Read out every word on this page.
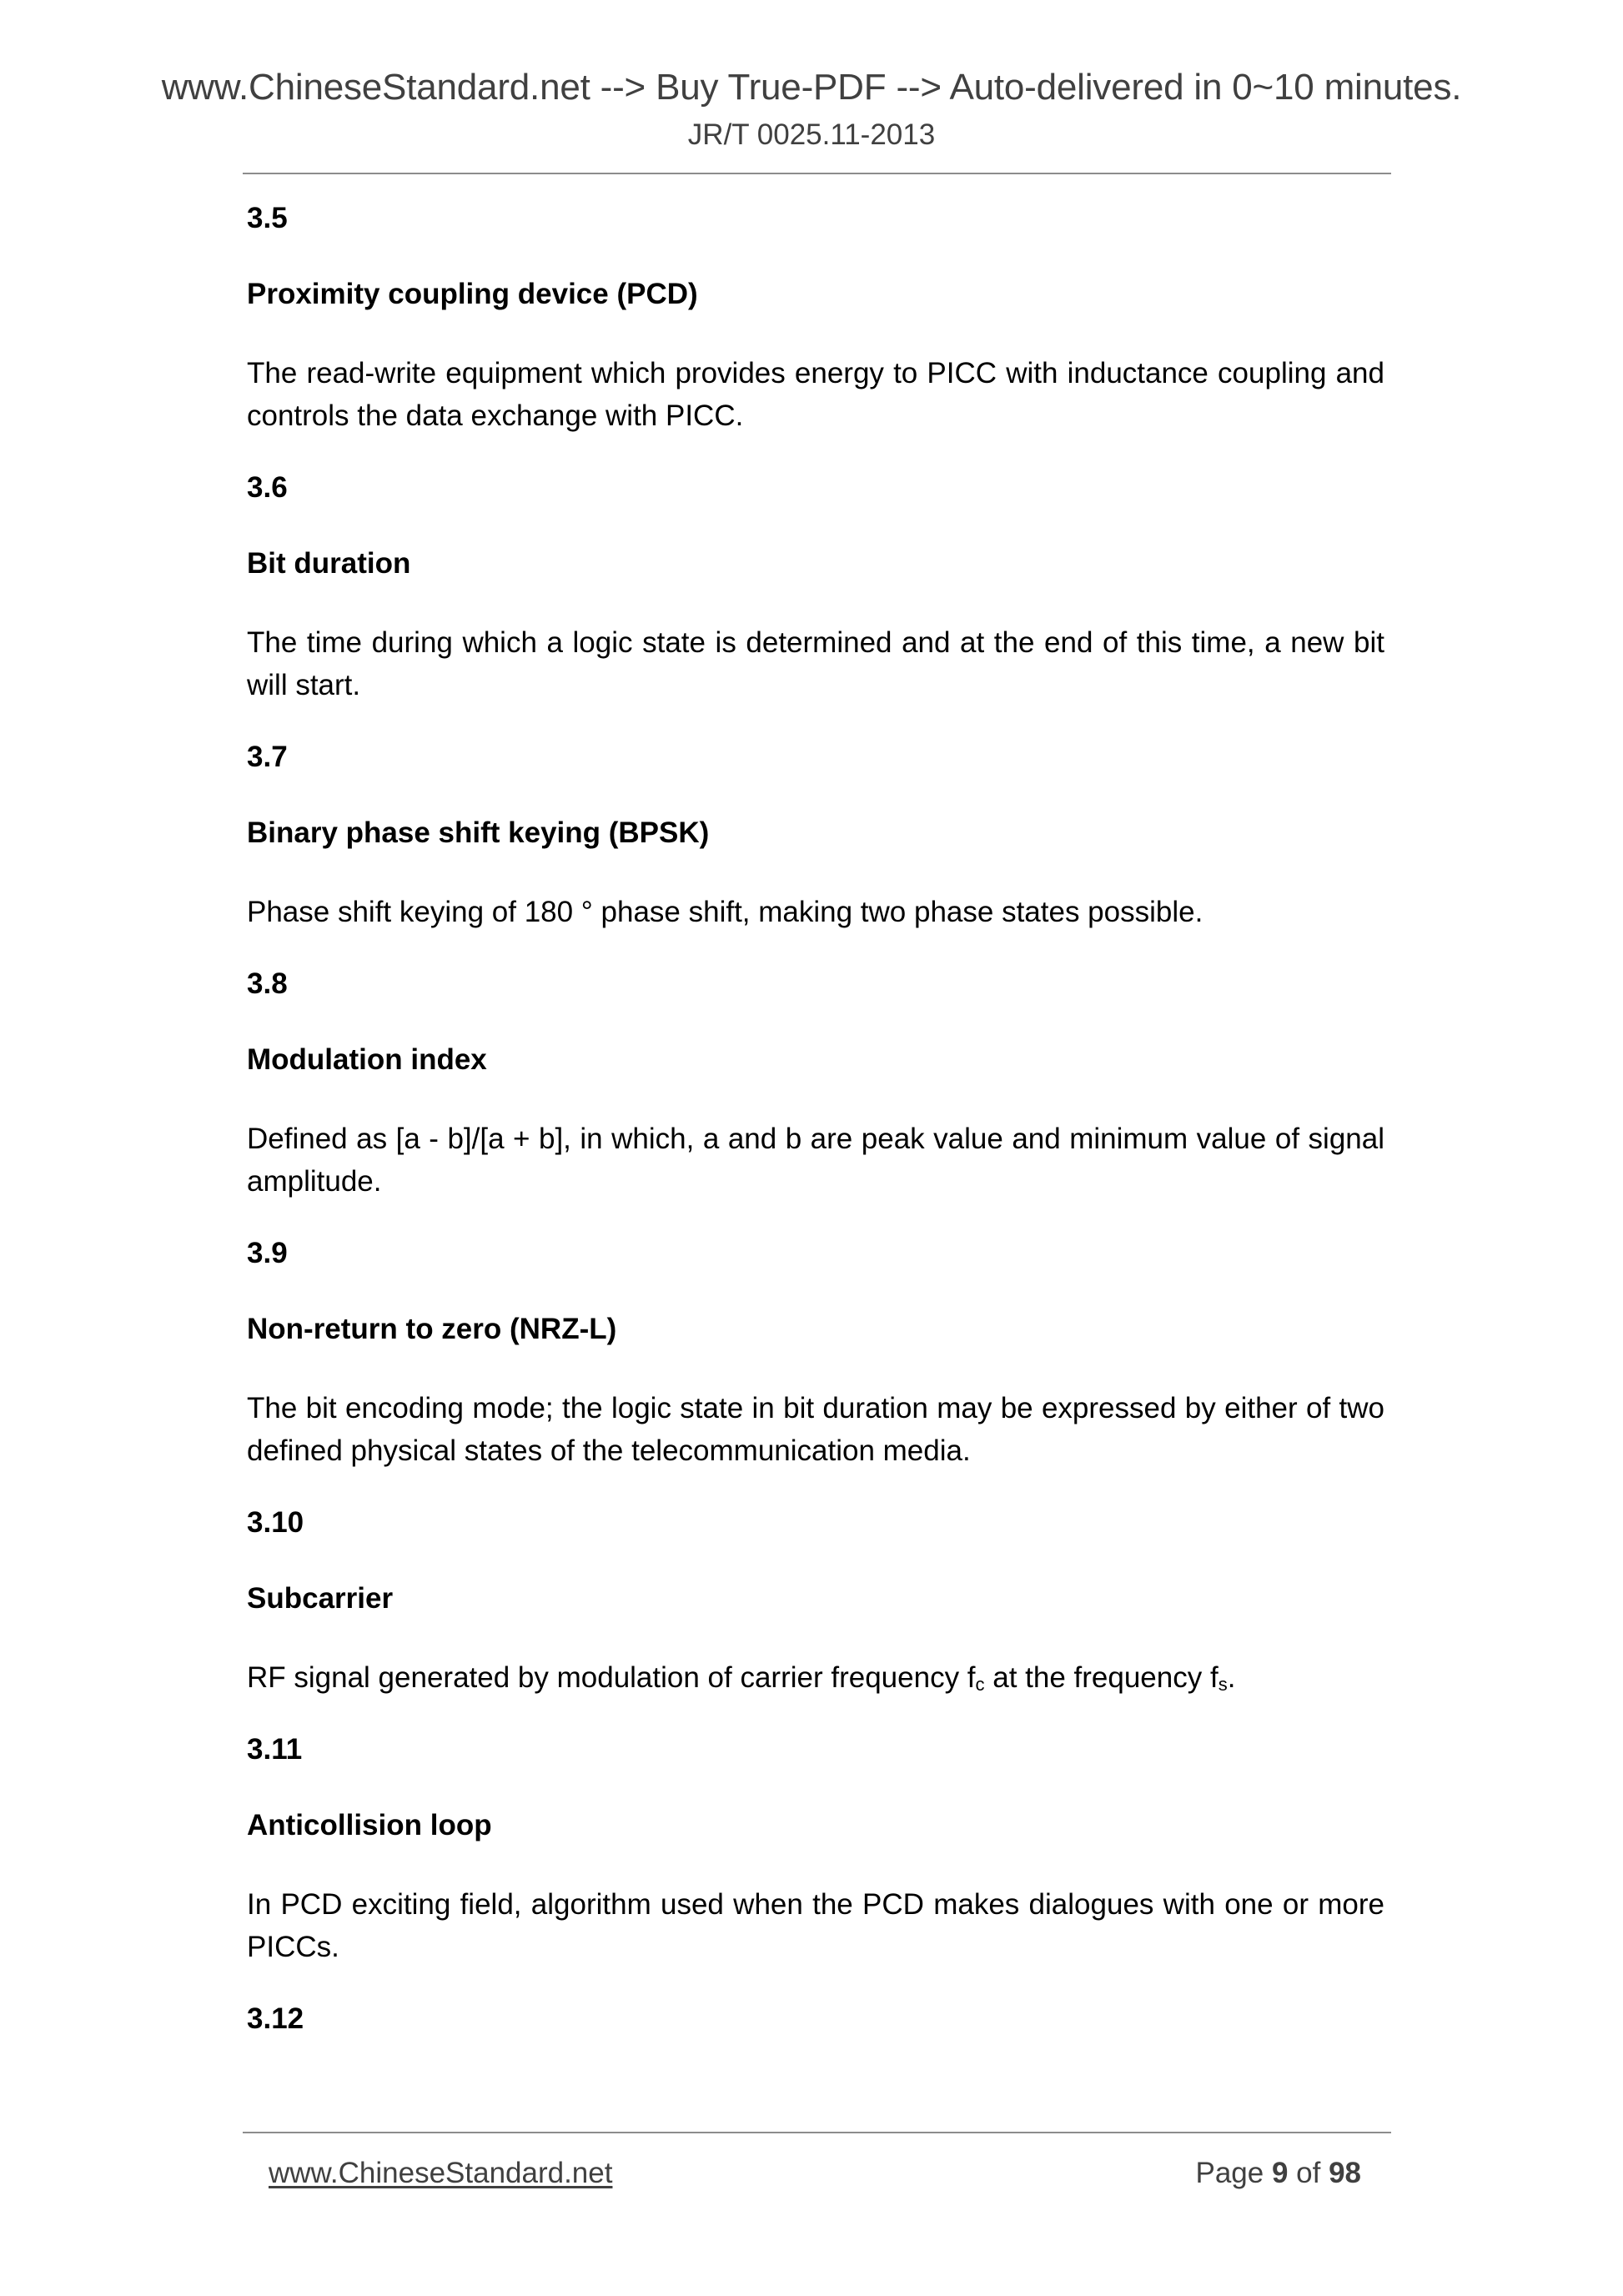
www.ChineseStandard.net --> Buy True-PDF --> Auto-delivered in 0~10 minutes.
JR/T 0025.11-2013

3.5

Proximity coupling device (PCD)

The read-write equipment which provides energy to PICC with inductance coupling and controls the data exchange with PICC.

3.6

Bit duration

The time during which a logic state is determined and at the end of this time, a new bit will start.

3.7

Binary phase shift keying (BPSK)

Phase shift keying of 180 ° phase shift, making two phase states possible.

3.8

Modulation index

Defined as [a - b]/[a + b], in which, a and b are peak value and minimum value of signal amplitude.

3.9

Non-return to zero (NRZ-L)

The bit encoding mode; the logic state in bit duration may be expressed by either of two defined physical states of the telecommunication media.

3.10

Subcarrier

RF signal generated by modulation of carrier frequency $f_c$ at the frequency $f_s$.

3.11

Anticollision loop

In PCD exciting field, algorithm used when the PCD makes dialogues with one or more PICCs.

3.12

www.ChineseStandard.net	Page 9 of 98
